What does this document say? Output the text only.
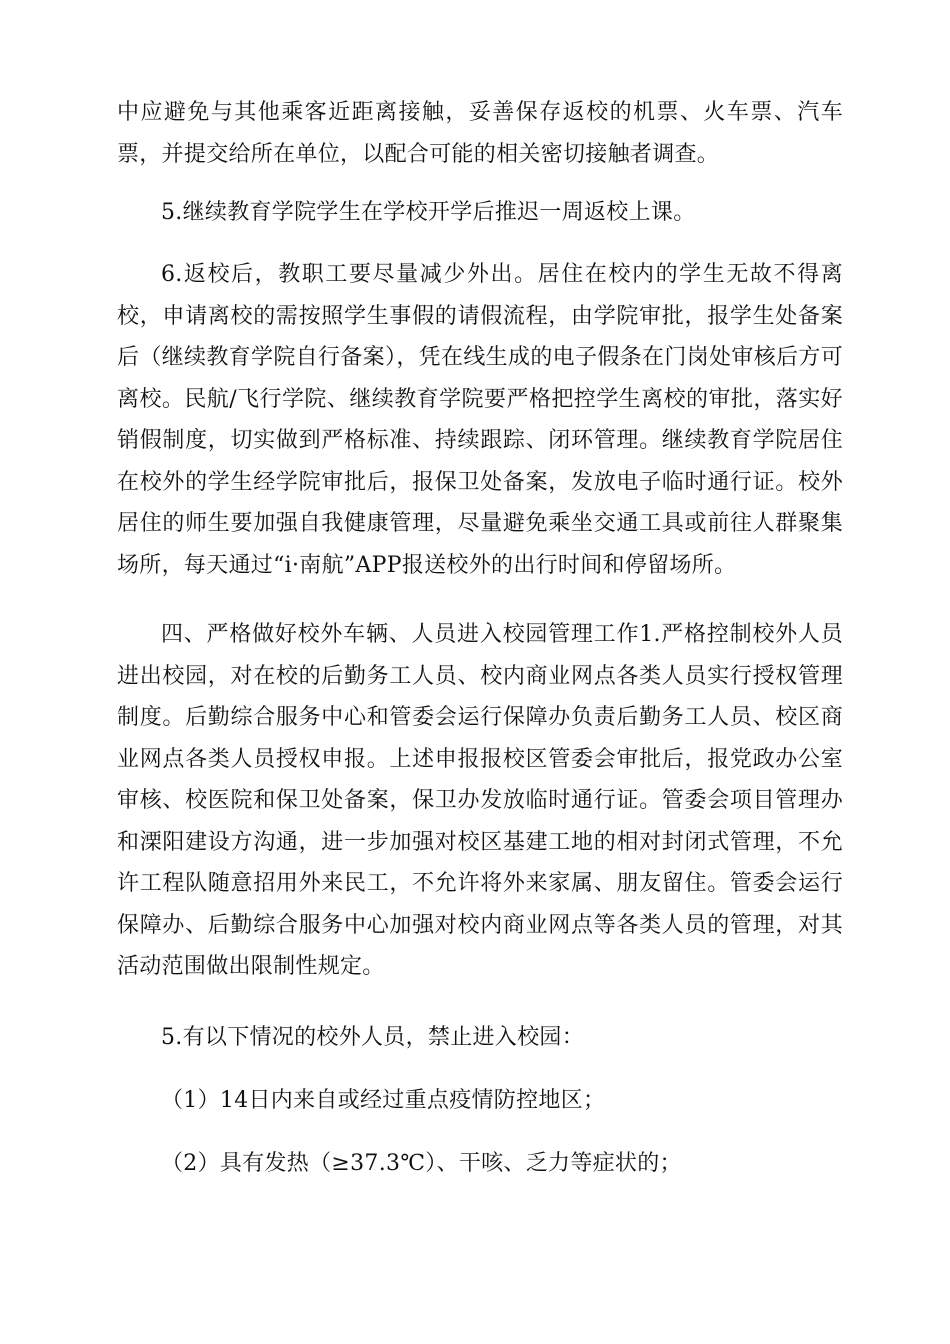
中应避免与其他乘客近距离接触，妥善保存返校的机票、火车票、汽车票，并提交给所在单位，以配合可能的相关密切接触者调查。

5.继续教育学院学生在学校开学后推迟一周返校上课。

6.返校后，教职工要尽量减少外出。居住在校内的学生无故不得离校，申请离校的需按照学生事假的请假流程，由学院审批，报学生处备案后（继续教育学院自行备案），凭在线生成的电子假条在门岗处审核后方可离校。民航/飞行学院、继续教育学院要严格把控学生离校的审批，落实好销假制度，切实做到严格标准、持续跟踪、闭环管理。继续教育学院居住在校外的学生经学院审批后，报保卫处备案，发放电子临时通行证。校外居住的师生要加强自我健康管理，尽量避免乘坐交通工具或前往人群聚集场所，每天通过“i·南航”APP报送校外的出行时间和停留场所。

四、严格做好校外车辆、人员进入校园管理工作1.严格控制校外人员进出校园，对在校的后勤务工人员、校内商业网点各类人员实行授权管理制度。后勤综合服务中心和管委会运行保障办负责后勤务工人员、校区商业网点各类人员授权申报。上述申报报校区管委会审批后，报党政办公室审核、校医院和保卫处备案，保卫办发放临时通行证。管委会项目管理办和溧阳建设方沟通，进一步加强对校区基建工地的相对封闭式管理，不允许工程队随意招用外来民工，不允许将外来家属、朋友留住。管委会运行保障办、后勤综合服务中心加强对校内商业网点等各类人员的管理，对其活动范围做出限制性规定。

5.有以下情况的校外人员，禁止进入校园：

（1）14日内来自或经过重点疫情防控地区；

（2）具有发热（≥37.3℃）、干咳、乏力等症状的；
